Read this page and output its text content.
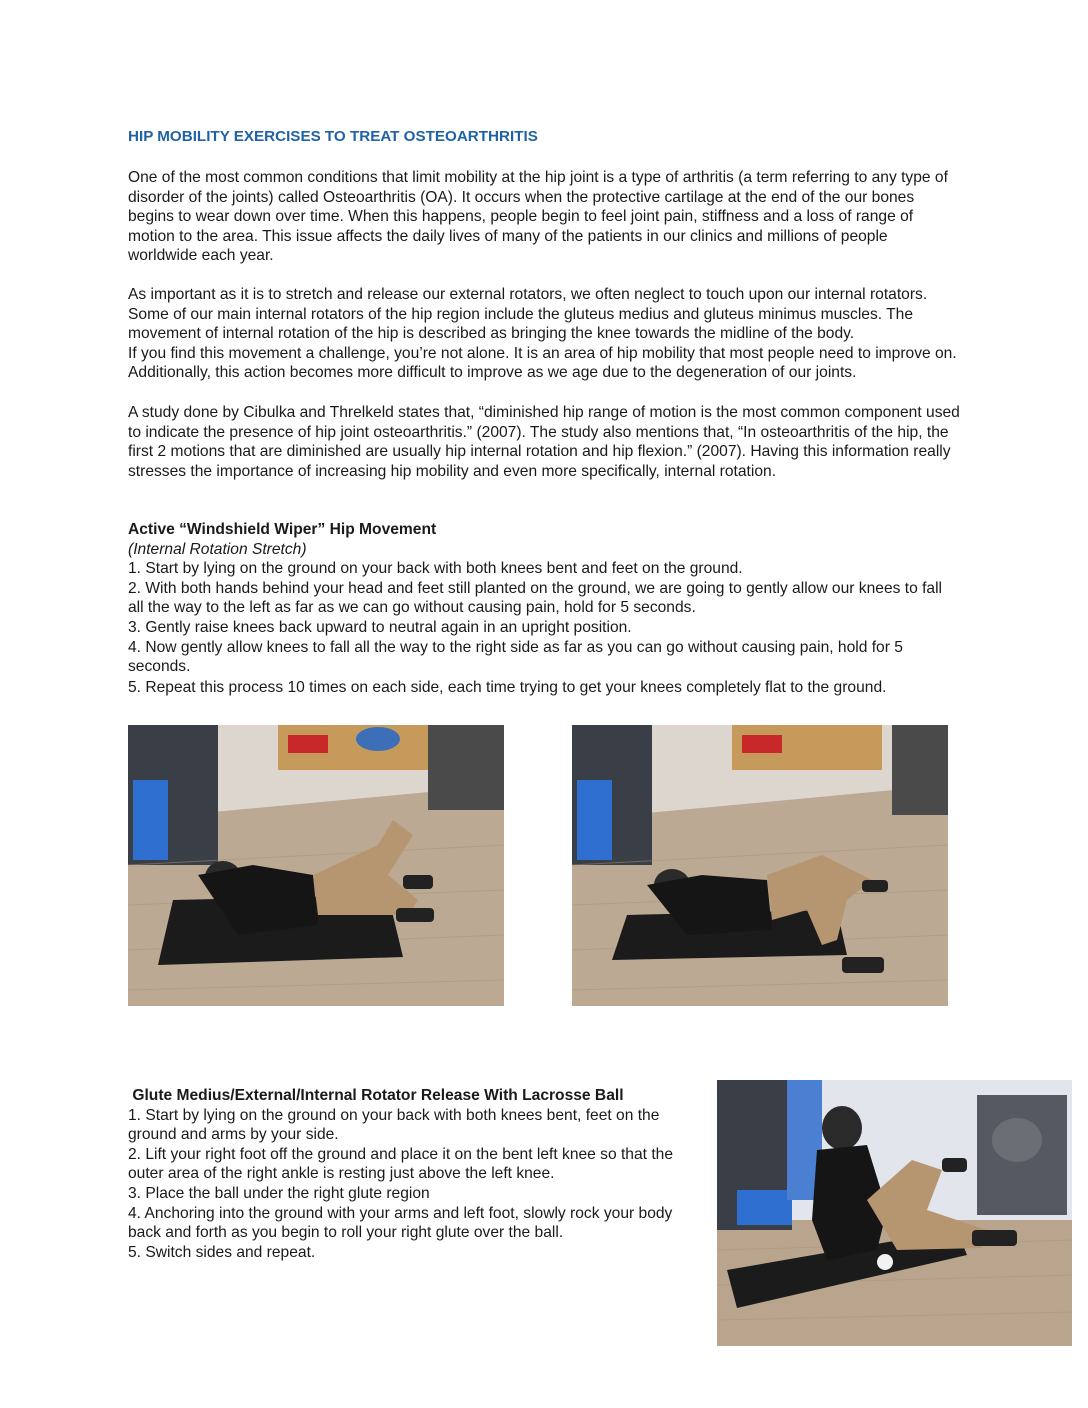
HIP MOBILITY EXERCISES TO TREAT OSTEOARTHRITIS

One of the most common conditions that limit mobility at the hip joint is a type of arthritis (a term referring to any type of disorder of the joints) called Osteoarthritis (OA). It occurs when the protective cartilage at the end of the our bones begins to wear down over time. When this happens, people begin to feel joint pain, stiffness and a loss of range of motion to the area. This issue affects the daily lives of many of the patients in our clinics and millions of people worldwide each year.

As important as it is to stretch and release our external rotators, we often neglect to touch upon our internal rotators. Some of our main internal rotators of the hip region include the gluteus medius and gluteus minimus muscles. The movement of internal rotation of the hip is described as bringing the knee towards the midline of the body.

If you find this movement a challenge, you’re not alone. It is an area of hip mobility that most people need to improve on. Additionally, this action becomes more difficult to improve as we age due to the degeneration of our joints.

A study done by Cibulka and Threlkeld states that, “diminished hip range of motion is the most common component used to indicate the presence of hip joint osteoarthritis.” (2007). The study also mentions that, “In osteoarthritis of the hip, the first 2 motions that are diminished are usually hip internal rotation and hip flexion.” (2007). Having this information really stresses the importance of increasing hip mobility and even more specifically, internal rotation.

Active “Windshield Wiper” Hip Movement

(Internal Rotation Stretch)

1. Start by lying on the ground on your back with both knees bent and feet on the ground.

2. With both hands behind your head and feet still planted on the ground, we are going to gently allow our knees to fall all the way to the left as far as we can go without causing pain, hold for 5 seconds.

3. Gently raise knees back upward to neutral again in an upright position.

4. Now gently allow knees to fall all the way to the right side as far as you can go without causing pain, hold for 5 seconds.

5. Repeat this process 10 times on each side, each time trying to get your knees completely flat to the ground.

Glute Medius/External/Internal Rotator Release With Lacrosse Ball

1. Start by lying on the ground on your back with both knees bent, feet on the ground and arms by your side.

2. Lift your right foot off the ground and place it on the bent left knee so that the outer area of the right ankle is resting just above the left knee.

3. Place the ball under the right glute region

4. Anchoring into the ground with your arms and left foot, slowly rock your body back and forth as you begin to roll your right glute over the ball.

5. Switch sides and repeat.
